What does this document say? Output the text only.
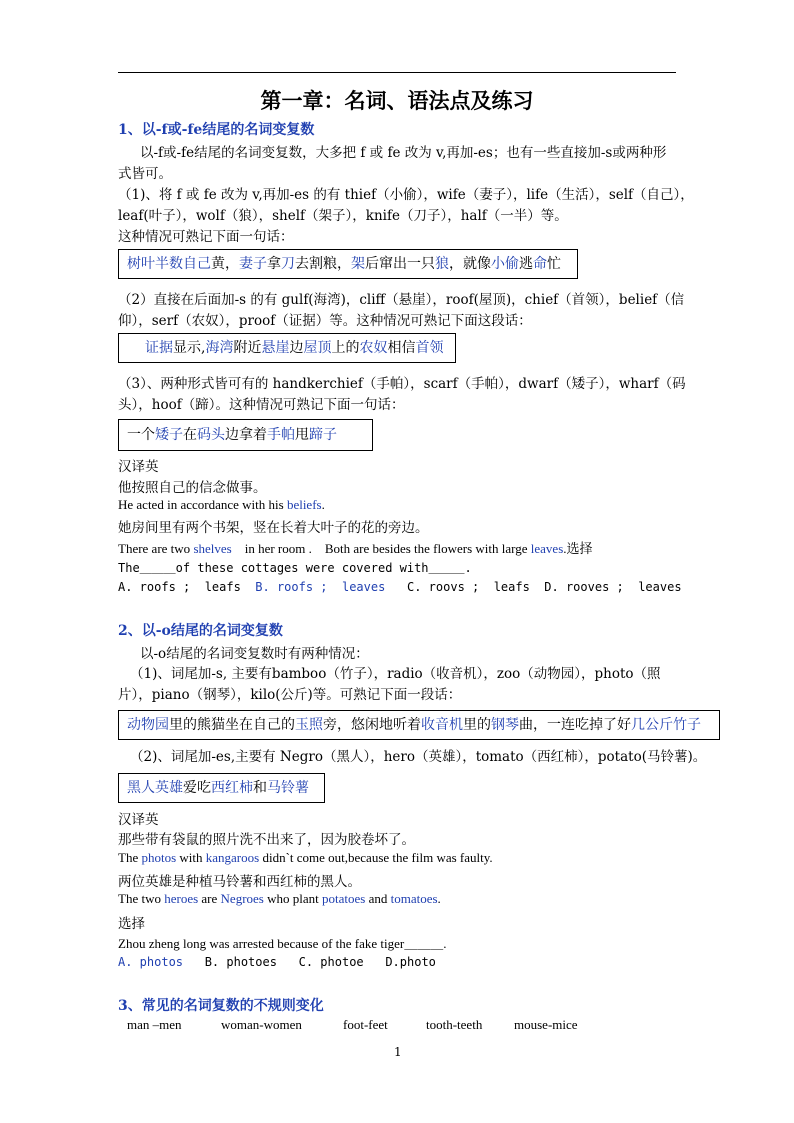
第一章：名词、语法点及练习
1、以-f或-fe结尾的名词变复数
以-f或-fe结尾的名词变复数，大多把 f 或 fe 改为 v,再加-es；也有一些直接加-s或两种形
式皆可。
（1)、将 f 或 fe 改为 v,再加-es 的有 thief（小偷），wife（妻子），life（生活），self（自己），
leaf(叶子），wolf（狼），shelf（架子），knife（刀子），half（一半）等。
这种情况可熟记下面一句话：
树叶 半数 自己 黄， 妻子 拿 刀 去割粮， 架 后窜出一只 狼 ，就像 小偷 逃 命 忙
（2）直接在后面加-s 的有 gulf(海湾)，cliff（悬崖），roof(屋顶)，chief（首领），belief（信
仰），serf（农奴），proof（证据）等。这种情况可熟记下面这段话：
证据 显示, 海湾 附近 悬崖 边 屋顶 上的 农奴 相信 首领
（3）、两种形式皆可有的 handkerchief（手帕），scarf（手帕），dwarf（矮子），wharf（码
头），hoof（蹄）。这种情况可熟记下面一句话：
一个 矮子 在 码头 边拿着 手帕 甩 蹄子
汉译英
他按照自己的信念做事。
He acted in accordance with his beliefs.
她房间里有两个书架，竖在长着大叶子的花的旁边。
There are two shelves    in her room .    Both are besides the flowers with large leaves.选择
The＿＿＿of these cottages were covered with＿＿＿.
A. roofs ;  leafs  B. roofs ;  leaves   C. roovs ;  leafs  D. rooves ;  leaves
2、以-o结尾的名词变复数
以-o结尾的名词变复数时有两种情况：
（1)、词尾加-s, 主要有bamboo（竹子），radio（收音机），zoo（动物园），photo（照
片），piano（钢琴），kilo(公斤)等。可熟记下面一段话：
动物园 里的熊猫坐在自己的 玉照 旁，悠闲地听着 收音机 里的 钢琴 曲，一连吃掉了好 几公斤 竹子
（2)、词尾加-es,主要有 Negro（黑人），hero（英雄），tomato（西红柿），potato(马铃薯)。
黑人 英雄 爱吃 西红柿 和 马铃薯
汉译英
那些带有袋鼠的照片洗不出来了，因为胶卷坏了。
The photos with kangaroos didn`t come out,because the film was faulty.
两位英雄是种植马铃薯和西红柿的黑人。
The two heroes are Negroes who plant potatoes and tomatoes.
选择
Zhou zheng long was arrested because of the fake tiger＿＿＿.
A. photos   B. photoes   C. photoe   D.photo
3、常见的名词复数的不规则变化
man –men	woman-women	foot-feet	tooth-teeth mouse-mice
1
